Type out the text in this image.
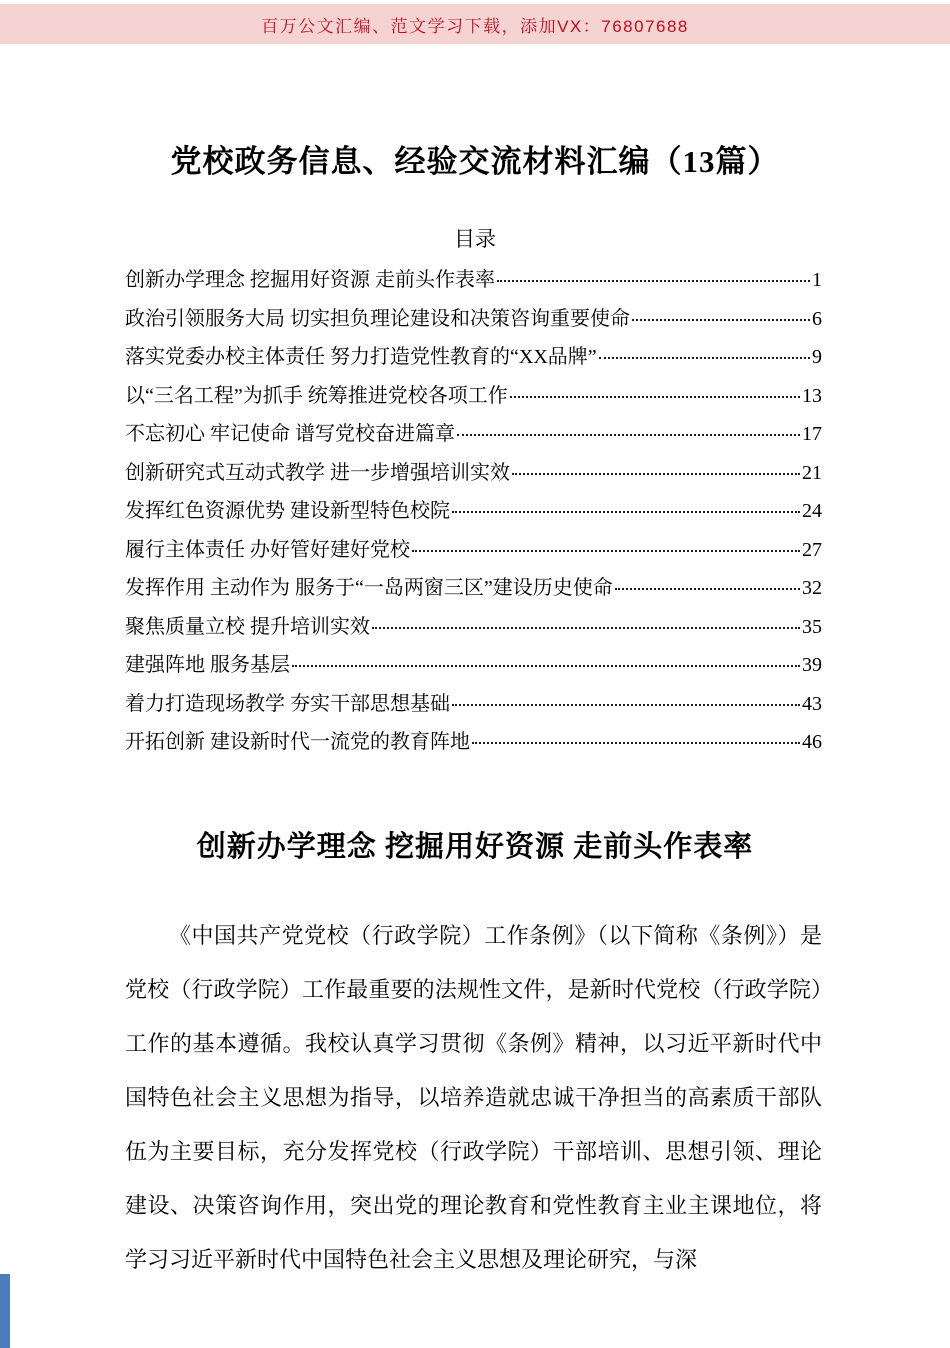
百万公文汇编、范文学习下载，添加VX：76807688
党校政务信息、经验交流材料汇编（13篇）
目录
创新办学理念 挖掘用好资源 走前头作表率	1
政治引领服务大局 切实担负理论建设和决策咨询重要使命	6
落实党委办校主体责任 努力打造党性教育的“XX品牌”	9
以“三名工程”为抓手 统筹推进党校各项工作	13
不忘初心 牢记使命 谱写党校奋进篇章	17
创新研究式互动式教学 进一步增强培训实效	21
发挥红色资源优势 建设新型特色校院	24
履行主体责任 办好管好建好党校	27
发挥作用 主动作为 服务于“一岛两窗三区”建设历史使命	32
聚焦质量立校 提升培训实效	35
建强阵地 服务基层	39
着力打造现场教学 夯实干部思想基础	43
开拓创新 建设新时代一流党的教育阵地	46
创新办学理念 挖掘用好资源 走前头作表率

《中国共产党党校（行政学院）工作条例》（以下简称《条例》）是党校（行政学院）工作最重要的法规性文件，是新时代党校（行政学院）工作的基本遵循。我校认真学习贯彻《条例》精神，以习近平新时代中国特色社会主义思想为指导，以培养造就忠诚干净担当的高素质干部队伍为主要目标，充分发挥党校（行政学院）干部培训、思想引领、理论建设、决策咨询作用，突出党的理论教育和党性教育主业主课地位，将学习习近平新时代中国特色社会主义思想及理论研究，与深
